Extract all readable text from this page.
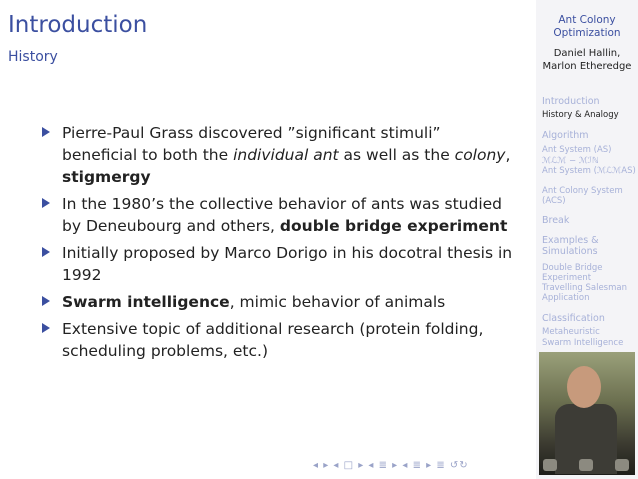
Introduction
History
Pierre-Paul Grass discovered ”significant stimuli” beneficial to both the individual ant as well as the colony, stigmergy
In the 1980’s the collective behavior of ants was studied by Deneubourg and others, double bridge experiment
Initially proposed by Marco Dorigo in his docotral thesis in 1992
Swarm intelligence, mimic behavior of animals
Extensive topic of additional research (protein folding, scheduling problems, etc.)
◂ ▸ ◂ □ ▸ ◂ ≣ ▸ ◂ ≣ ▸ ≣ ↺↻
Ant Colony Optimization
Daniel Hallin, Marlon Etheredge
Introduction
History & Analogy
Algorithm
Ant System (AS)
ℳℒℳ − ℳℐℕ
Ant System (ℳℒℳAS)
Ant Colony System (ACS)
Break
Examples & Simulations
Double Bridge Experiment
Travelling Salesman Application
Classification
Metaheuristic
Swarm Intelligence
